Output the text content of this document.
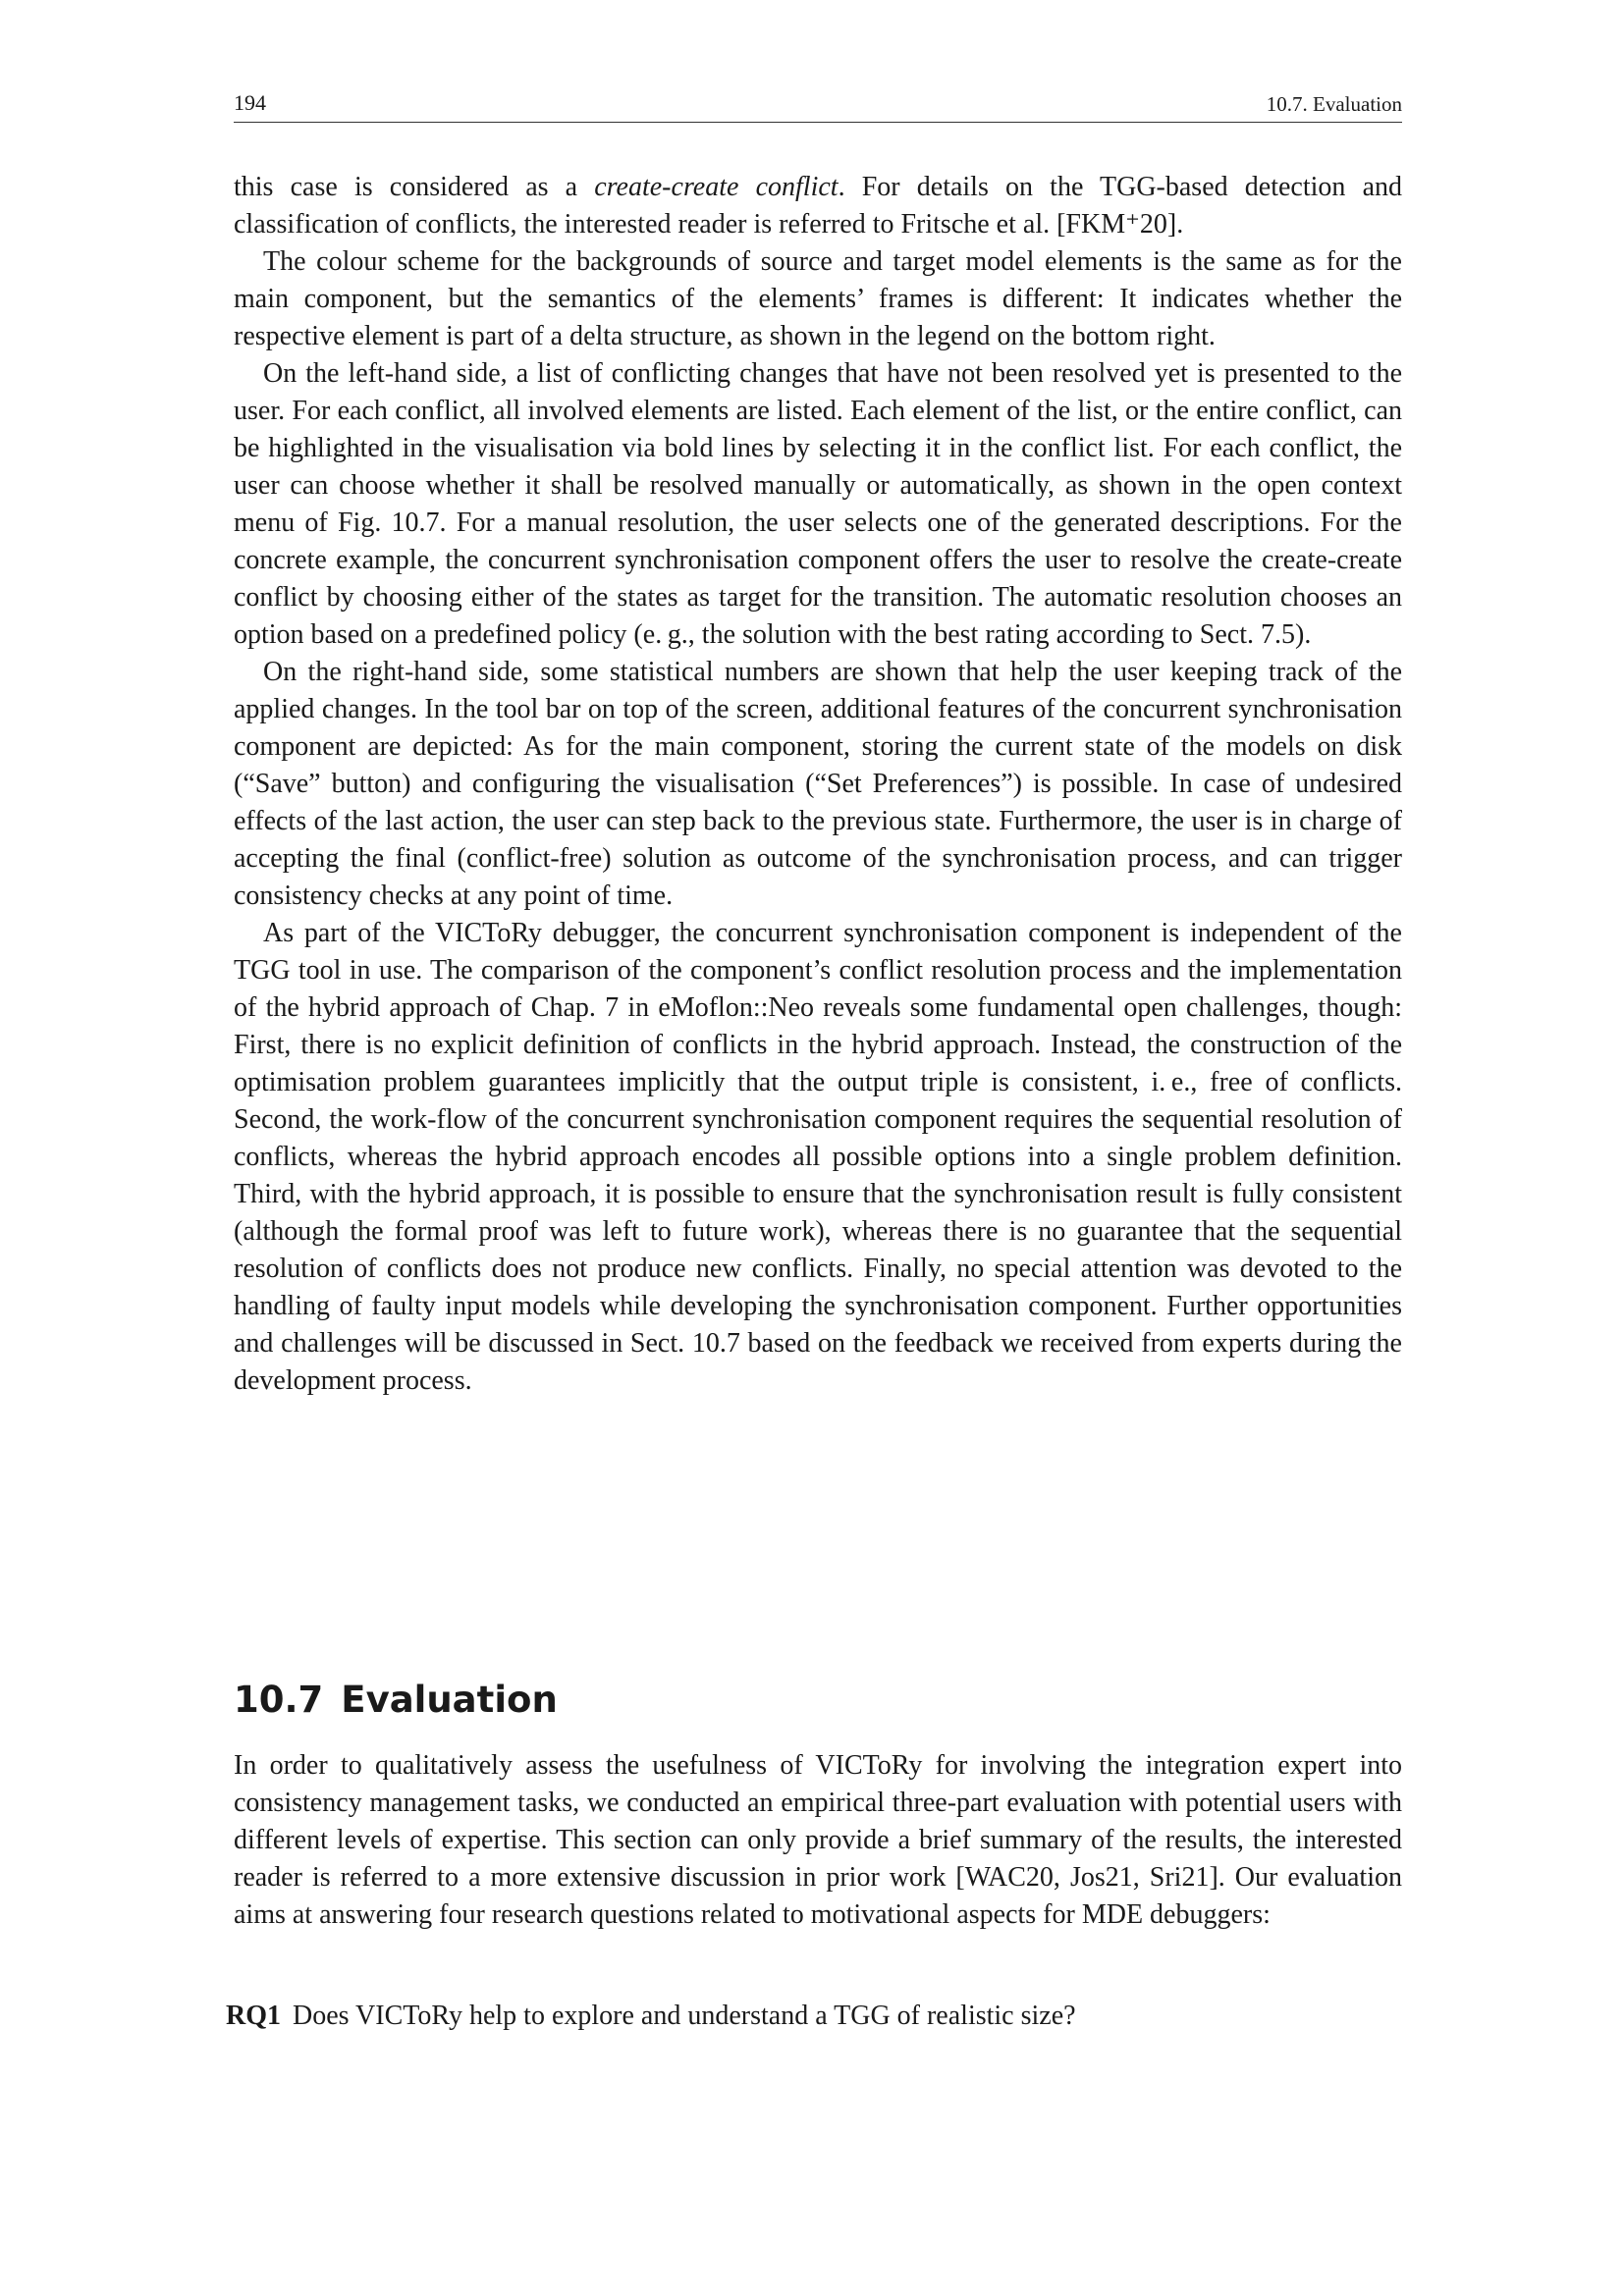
194	10.7. Evaluation

this case is considered as a create-create conflict. For details on the TGG-based detection and classification of conflicts, the interested reader is referred to Fritsche et al. [FKM⁺20].

The colour scheme for the backgrounds of source and target model elements is the same as for the main component, but the semantics of the elements’ frames is different: It indicates whether the respective element is part of a delta structure, as shown in the legend on the bottom right.

On the left-hand side, a list of conflicting changes that have not been resolved yet is presented to the user. For each conflict, all involved elements are listed. Each element of the list, or the entire conflict, can be highlighted in the visualisation via bold lines by selecting it in the conflict list. For each conflict, the user can choose whether it shall be resolved manually or automatically, as shown in the open context menu of Fig. 10.7. For a manual resolution, the user selects one of the generated descriptions. For the concrete example, the concurrent synchronisation component offers the user to resolve the create-create conflict by choosing either of the states as target for the transition. The automatic resolution chooses an option based on a predefined policy (e. g., the solution with the best rating according to Sect. 7.5).

On the right-hand side, some statistical numbers are shown that help the user keeping track of the applied changes. In the tool bar on top of the screen, additional features of the concurrent synchronisation component are depicted: As for the main component, storing the current state of the models on disk (“Save” button) and configuring the visualisation (“Set Preferences”) is possible. In case of undesired effects of the last action, the user can step back to the previous state. Furthermore, the user is in charge of accepting the final (conflict-free) solution as outcome of the synchronisation process, and can trigger consistency checks at any point of time.

As part of the VICToRy debugger, the concurrent synchronisation component is independent of the TGG tool in use. The comparison of the component’s conflict resolution process and the implementation of the hybrid approach of Chap. 7 in eMoflon::Neo reveals some fundamental open challenges, though: First, there is no explicit definition of conflicts in the hybrid approach. Instead, the construction of the optimisation problem guarantees implicitly that the output triple is consistent, i. e., free of conflicts. Second, the work-flow of the concurrent synchronisation component requires the sequential resolution of conflicts, whereas the hybrid approach encodes all possible options into a single problem definition. Third, with the hybrid approach, it is possible to ensure that the synchronisation result is fully consistent (although the formal proof was left to future work), whereas there is no guarantee that the sequential resolution of conflicts does not produce new conflicts. Finally, no special attention was devoted to the handling of faulty input models while developing the synchronisation component. Further opportunities and challenges will be discussed in Sect. 10.7 based on the feedback we received from experts during the development process.

10.7 Evaluation

In order to qualitatively assess the usefulness of VICToRy for involving the integration expert into consistency management tasks, we conducted an empirical three-part evaluation with potential users with different levels of expertise. This section can only provide a brief summary of the results, the interested reader is referred to a more extensive discussion in prior work [WAC20, Jos21, Sri21]. Our evaluation aims at answering four research questions related to motivational aspects for MDE debuggers:

RQ1 Does VICToRy help to explore and understand a TGG of realistic size?
